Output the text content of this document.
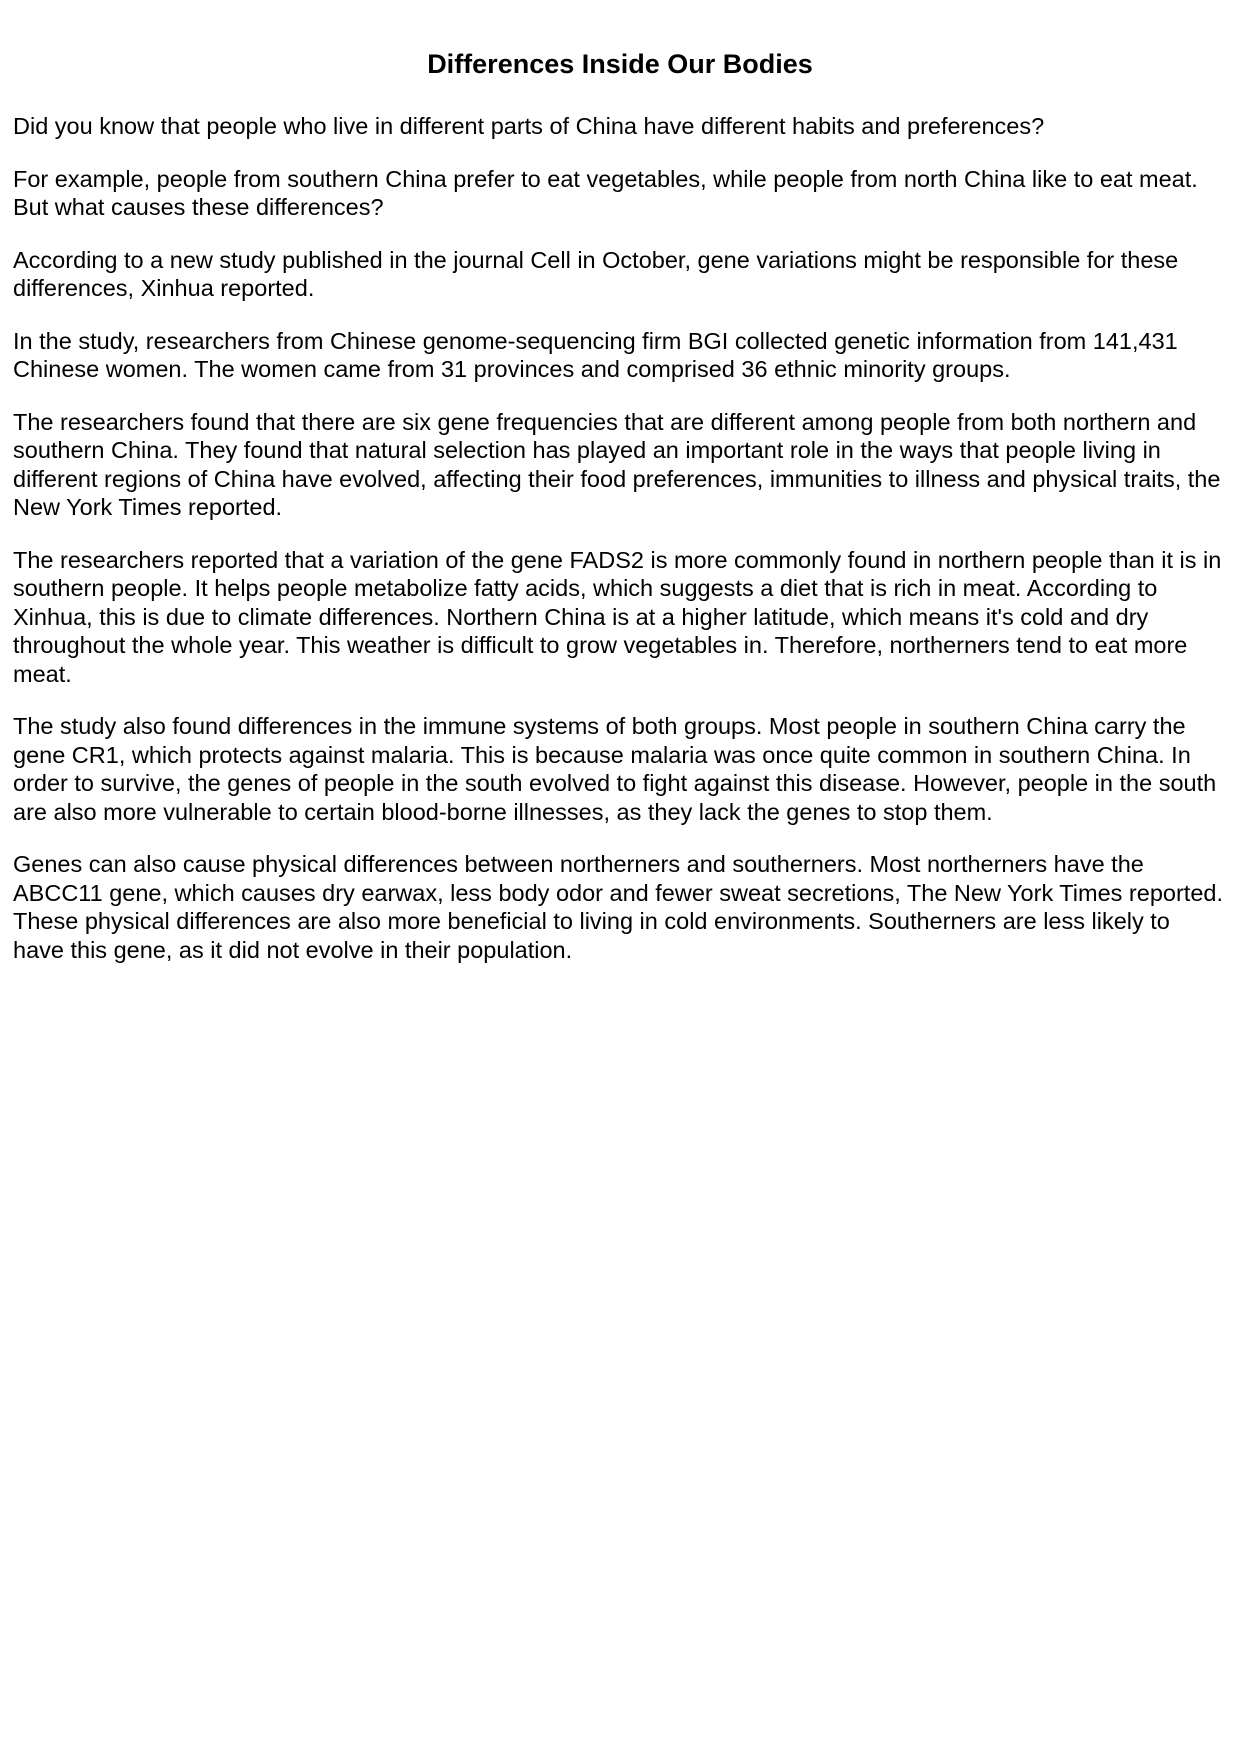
Differences Inside Our Bodies

Did you know that people who live in different parts of China have different habits and preferences?

For example, people from southern China prefer to eat vegetables, while people from north China like to eat meat. But what causes these differences?

According to a new study published in the journal Cell in October, gene variations might be responsible for these differences, Xinhua reported.

In the study, researchers from Chinese genome-sequencing firm BGI collected genetic information from 141,431 Chinese women. The women came from 31 provinces and comprised 36 ethnic minority groups.

The researchers found that there are six gene frequencies that are different among people from both northern and southern China. They found that natural selection has played an important role in the ways that people living in different regions of China have evolved, affecting their food preferences, immunities to illness and physical traits, the New York Times reported.

The researchers reported that a variation of the gene FADS2 is more commonly found in northern people than it is in southern people. It helps people metabolize fatty acids, which suggests a diet that is rich in meat. According to Xinhua, this is due to climate differences. Northern China is at a higher latitude, which means it's cold and dry throughout the whole year. This weather is difficult to grow vegetables in. Therefore, northerners tend to eat more meat.

The study also found differences in the immune systems of both groups. Most people in southern China carry the gene CR1, which protects against malaria. This is because malaria was once quite common in southern China. In order to survive, the genes of people in the south evolved to fight against this disease. However, people in the south are also more vulnerable to certain blood-borne illnesses, as they lack the genes to stop them.

Genes can also cause physical differences between northerners and southerners. Most northerners have the ABCC11 gene, which causes dry earwax, less body odor and fewer sweat secretions, The New York Times reported. These physical differences are also more beneficial to living in cold environments. Southerners are less likely to have this gene, as it did not evolve in their population.
